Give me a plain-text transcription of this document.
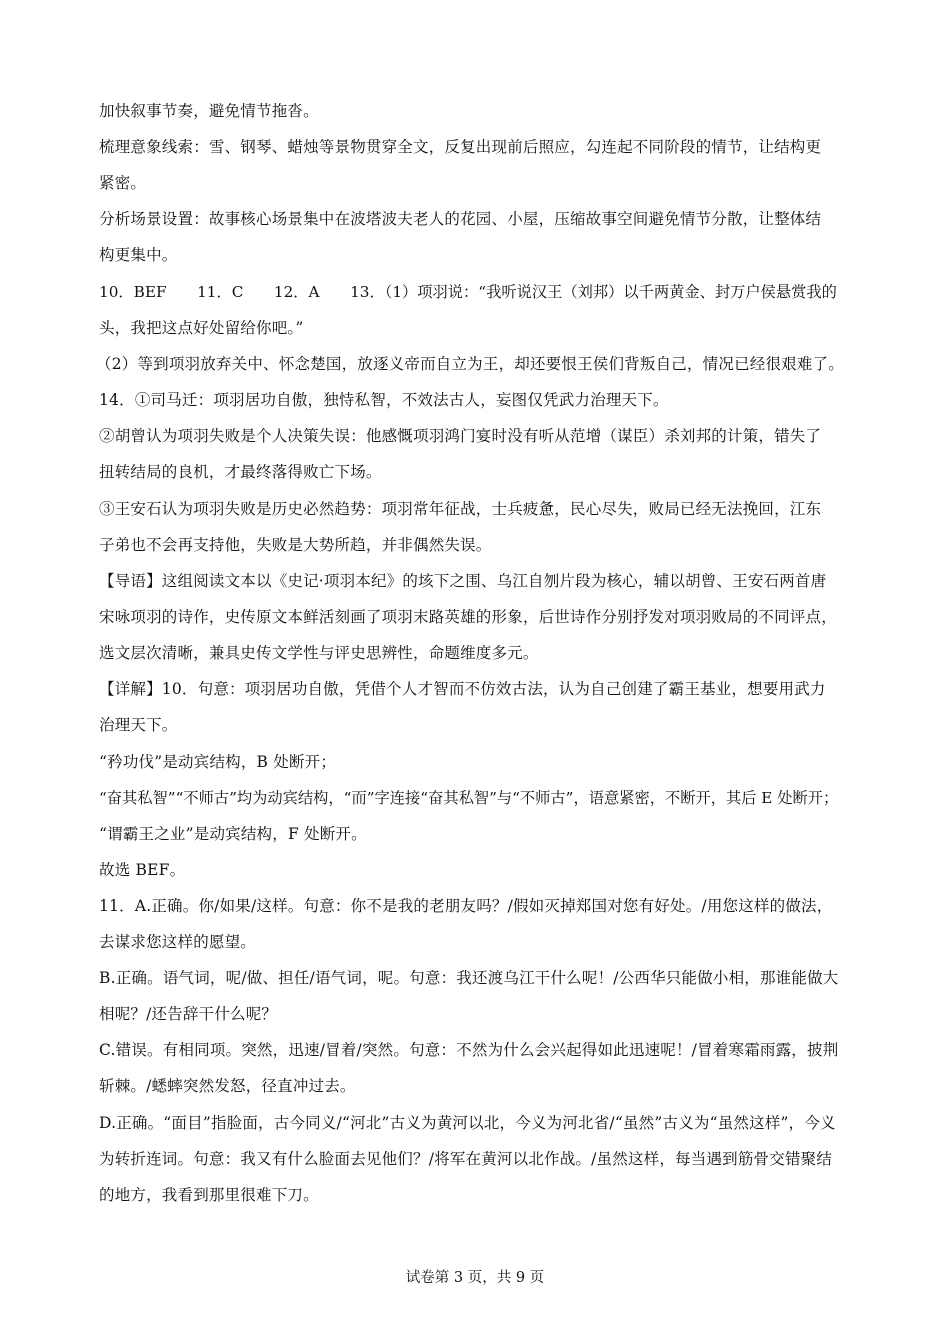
加快叙事节奏，避免情节拖沓。
梳理意象线索：雪、钢琴、蜡烛等景物贯穿全文，反复出现前后照应，勾连起不同阶段的情节，让结构更
紧密。
分析场景设置：故事核心场景集中在波塔波夫老人的花园、小屋，压缩故事空间避免情节分散，让整体结
构更集中。
10．BEF　　11．C　　12．A　　13．（1）项羽说：“我听说汉王（刘邦）以千两黄金、封万户侯悬赏我的
头，我把这点好处留给你吧。”
（2）等到项羽放弃关中、怀念楚国，放逐义帝而自立为王，却还要恨王侯们背叛自己，情况已经很艰难了。
14．①司马迁：项羽居功自傲，独恃私智，不效法古人，妄图仅凭武力治理天下。
②胡曾认为项羽失败是个人决策失误：他感慨项羽鸿门宴时没有听从范增（谋臣）杀刘邦的计策，错失了
扭转结局的良机，才最终落得败亡下场。
③王安石认为项羽失败是历史必然趋势：项羽常年征战，士兵疲惫，民心尽失，败局已经无法挽回，江东
子弟也不会再支持他，失败是大势所趋，并非偶然失误。
【导语】这组阅读文本以《史记·项羽本纪》的垓下之围、乌江自刎片段为核心，辅以胡曾、王安石两首唐
宋咏项羽的诗作，史传原文本鲜活刻画了项羽末路英雄的形象，后世诗作分别抒发对项羽败局的不同评点，
选文层次清晰，兼具史传文学性与评史思辨性，命题维度多元。
【详解】10．句意：项羽居功自傲，凭借个人才智而不仿效古法，认为自己创建了霸王基业，想要用武力
治理天下。
“矜功伐”是动宾结构，B 处断开；
“奋其私智”“不师古”均为动宾结构，“而”字连接“奋其私智”与“不师古”，语意紧密，不断开，其后 E 处断开；
“谓霸王之业”是动宾结构，F 处断开。
故选 BEF。
11．A.正确。你/如果/这样。句意：你不是我的老朋友吗？/假如灭掉郑国对您有好处。/用您这样的做法，
去谋求您这样的愿望。
B.正确。语气词，呢/做、担任/语气词，呢。句意：我还渡乌江干什么呢！/公西华只能做小相，那谁能做大
相呢？/还告辞干什么呢？
C.错误。有相同项。突然，迅速/冒着/突然。句意：不然为什么会兴起得如此迅速呢！/冒着寒霜雨露，披荆
斩棘。/蟋蟀突然发怒，径直冲过去。
D.正确。“面目”指脸面，古今同义/“河北”古义为黄河以北，今义为河北省/“虽然”古义为“虽然这样”，今义
为转折连词。句意：我又有什么脸面去见他们？/将军在黄河以北作战。/虽然这样，每当遇到筋骨交错聚结
的地方，我看到那里很难下刀。
试卷第 3 页，共 9 页
